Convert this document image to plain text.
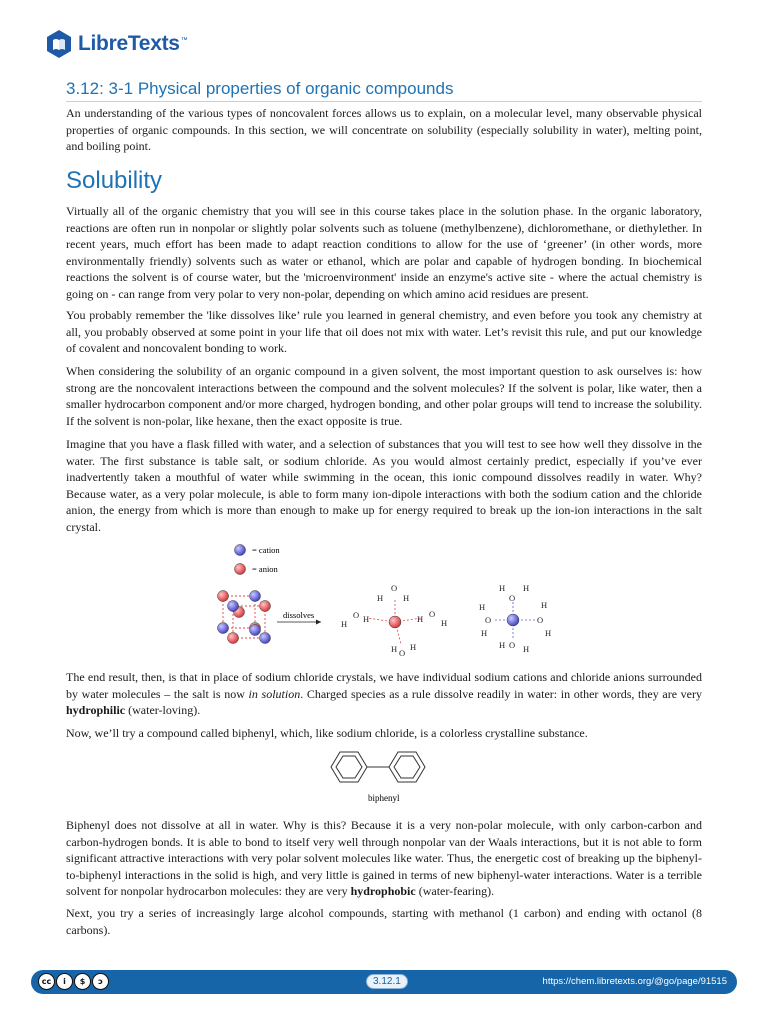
LibreTexts™
3.12: 3-1 Physical properties of organic compounds

An understanding of the various types of noncovalent forces allows us to explain, on a molecular level, many observable physical properties of organic compounds. In this section, we will concentrate on solubility (especially solubility in water), melting point, and boiling point.

Solubility

Virtually all of the organic chemistry that you will see in this course takes place in the solution phase. In the organic laboratory, reactions are often run in nonpolar or slightly polar solvents such as toluene (methylbenzene), dichloromethane, or diethylether. In recent years, much effort has been made to adapt reaction conditions to allow for the use of ‘greener’ (in other words, more environmentally friendly) solvents such as water or ethanol, which are polar and capable of hydrogen bonding. In biochemical reactions the solvent is of course water, but the 'microenvironment' inside an enzyme's active site - where the actual chemistry is going on - can range from very polar to very non-polar, depending on which amino acid residues are present.

You probably remember the 'like dissolves like’ rule you learned in general chemistry, and even before you took any chemistry at all, you probably observed at some point in your life that oil does not mix with water. Let’s revisit this rule, and put our knowledge of covalent and noncovalent bonding to work.

When considering the solubility of an organic compound in a given solvent, the most important question to ask ourselves is: how strong are the noncovalent interactions between the compound and the solvent molecules? If the solvent is polar, like water, then a smaller hydrocarbon component and/or more charged, hydrogen bonding, and other polar groups will tend to increase the solubility. If the solvent is non-polar, like hexane, then the exact opposite is true.

Imagine that you have a flask filled with water, and a selection of substances that you will test to see how well they dissolve in the water. The first substance is table salt, or sodium chloride. As you would almost certainly predict, especially if you’ve ever inadvertently taken a mouthful of water while swimming in the ocean, this ionic compound dissolves readily in water. Why? Because water, as a very polar molecule, is able to form many ion-dipole interactions with both the sodium cation and the chloride anion, the energy from which is more than enough to make up for energy required to break up the ion-ion interactions in the salt crystal.

= cation
= anion
dissolves
O
H H
H
O H	H O
H
H O
H
H
O
H
H
O
H
H
O
H
H O H

The end result, then, is that in place of sodium chloride crystals, we have individual sodium cations and chloride anions surrounded by water molecules – the salt is now in solution. Charged species as a rule dissolve readily in water: in other words, they are very hydrophilic (water-loving).

Now, we’ll try a compound called biphenyl, which, like sodium chloride, is a colorless crystalline substance.

biphenyl

Biphenyl does not dissolve at all in water. Why is this? Because it is a very non-polar molecule, with only carbon-carbon and carbon-hydrogen bonds. It is able to bond to itself very well through nonpolar van der Waals interactions, but it is not able to form significant attractive interactions with very polar solvent molecules like water. Thus, the energetic cost of breaking up the biphenyl-to-biphenyl interactions in the solid is high, and very little is gained in terms of new biphenyl-water interactions. Water is a terrible solvent for nonpolar hydrocarbon molecules: they are very hydrophobic (water-fearing).

Next, you try a series of increasingly large alcohol compounds, starting with methanol (1 carbon) and ending with octanol (8 carbons).

cc	i	$	ↄ	3.12.1	https://chem.libretexts.org/@go/page/91515
